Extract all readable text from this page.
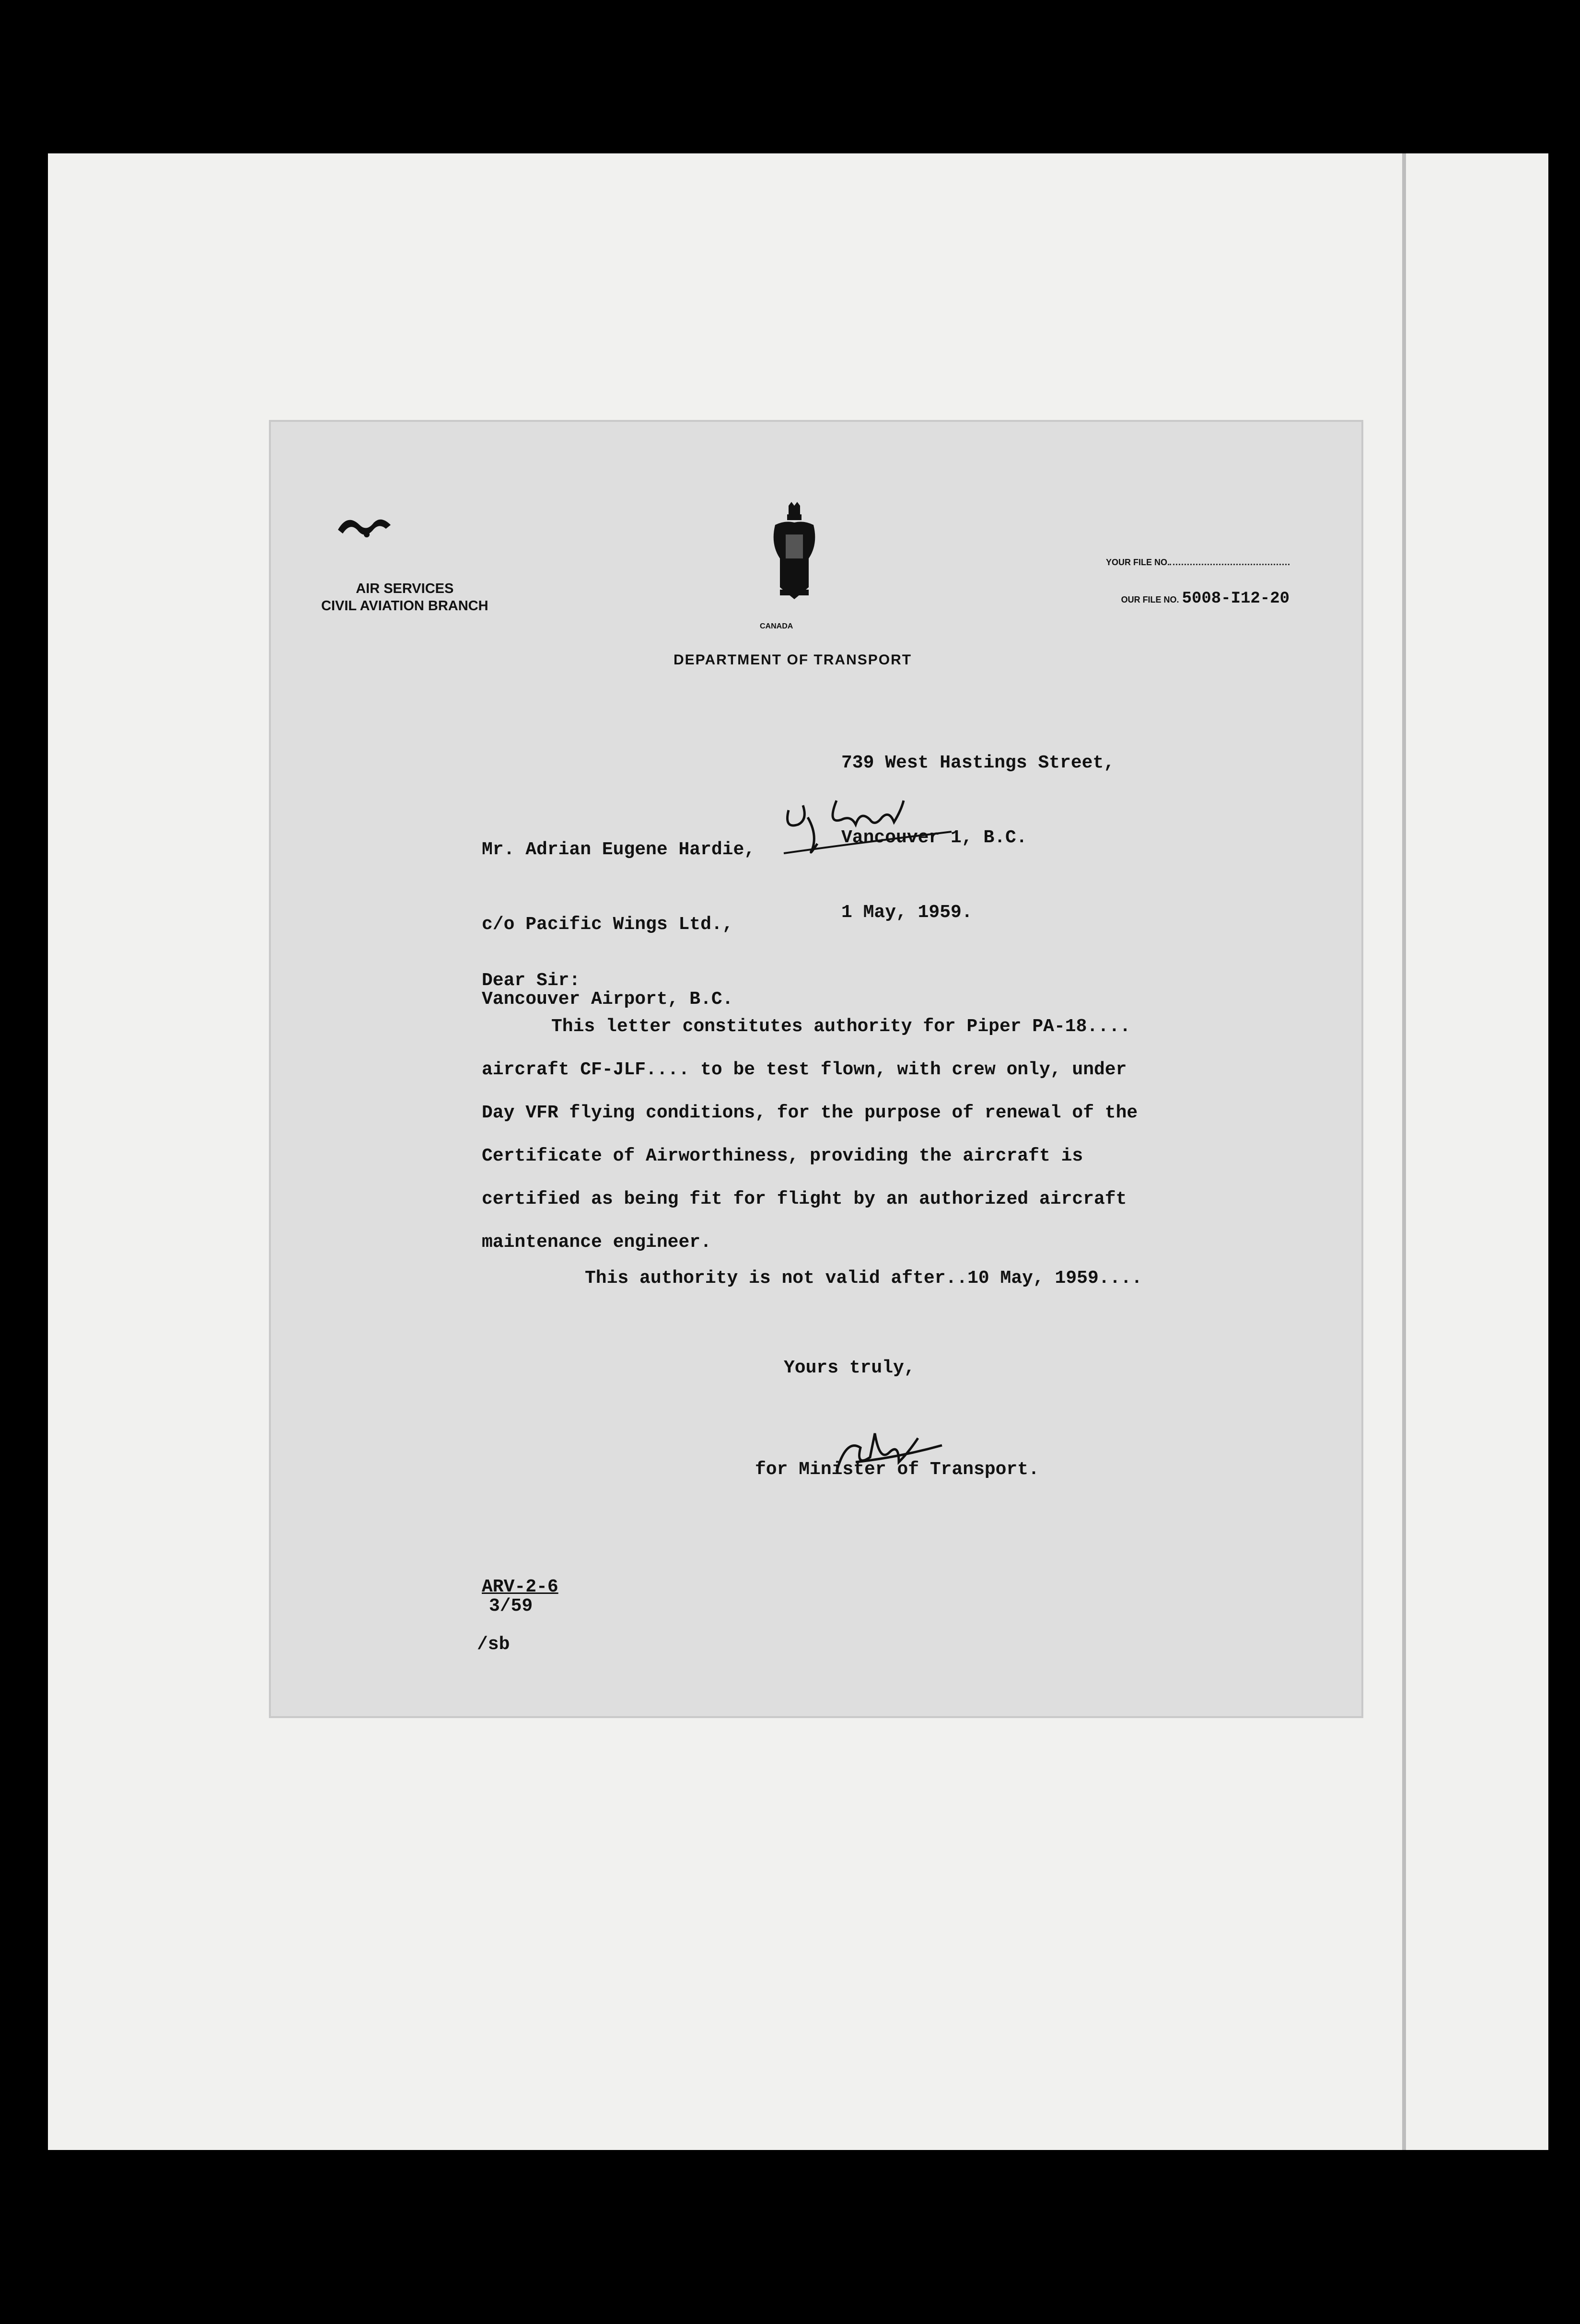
AIR SERVICES
CIVIL AVIATION BRANCH
CANADA
DEPARTMENT OF TRANSPORT
YOUR FILE NO.
OUR FILE NO. 5008-I12-20

739 West Hastings Street,

Vancouver 1, B.C.

1 May, 1959.

Mr. Adrian Eugene Hardie,

c/o Pacific Wings Ltd.,

Vancouver Airport, B.C.

Dear Sir:
This letter constitutes authority for Piper PA-18....
aircraft CF-JLF.... to be test flown, with crew only, under
Day VFR flying conditions, for the purpose of renewal of the
Certificate of Airworthiness, providing the aircraft is
certified as being fit for flight by an authorized aircraft
maintenance engineer.
This authority is not valid after..10 May, 1959....
Yours truly,
for Minister of Transport.
ARV-2-6
3/59
/sb
